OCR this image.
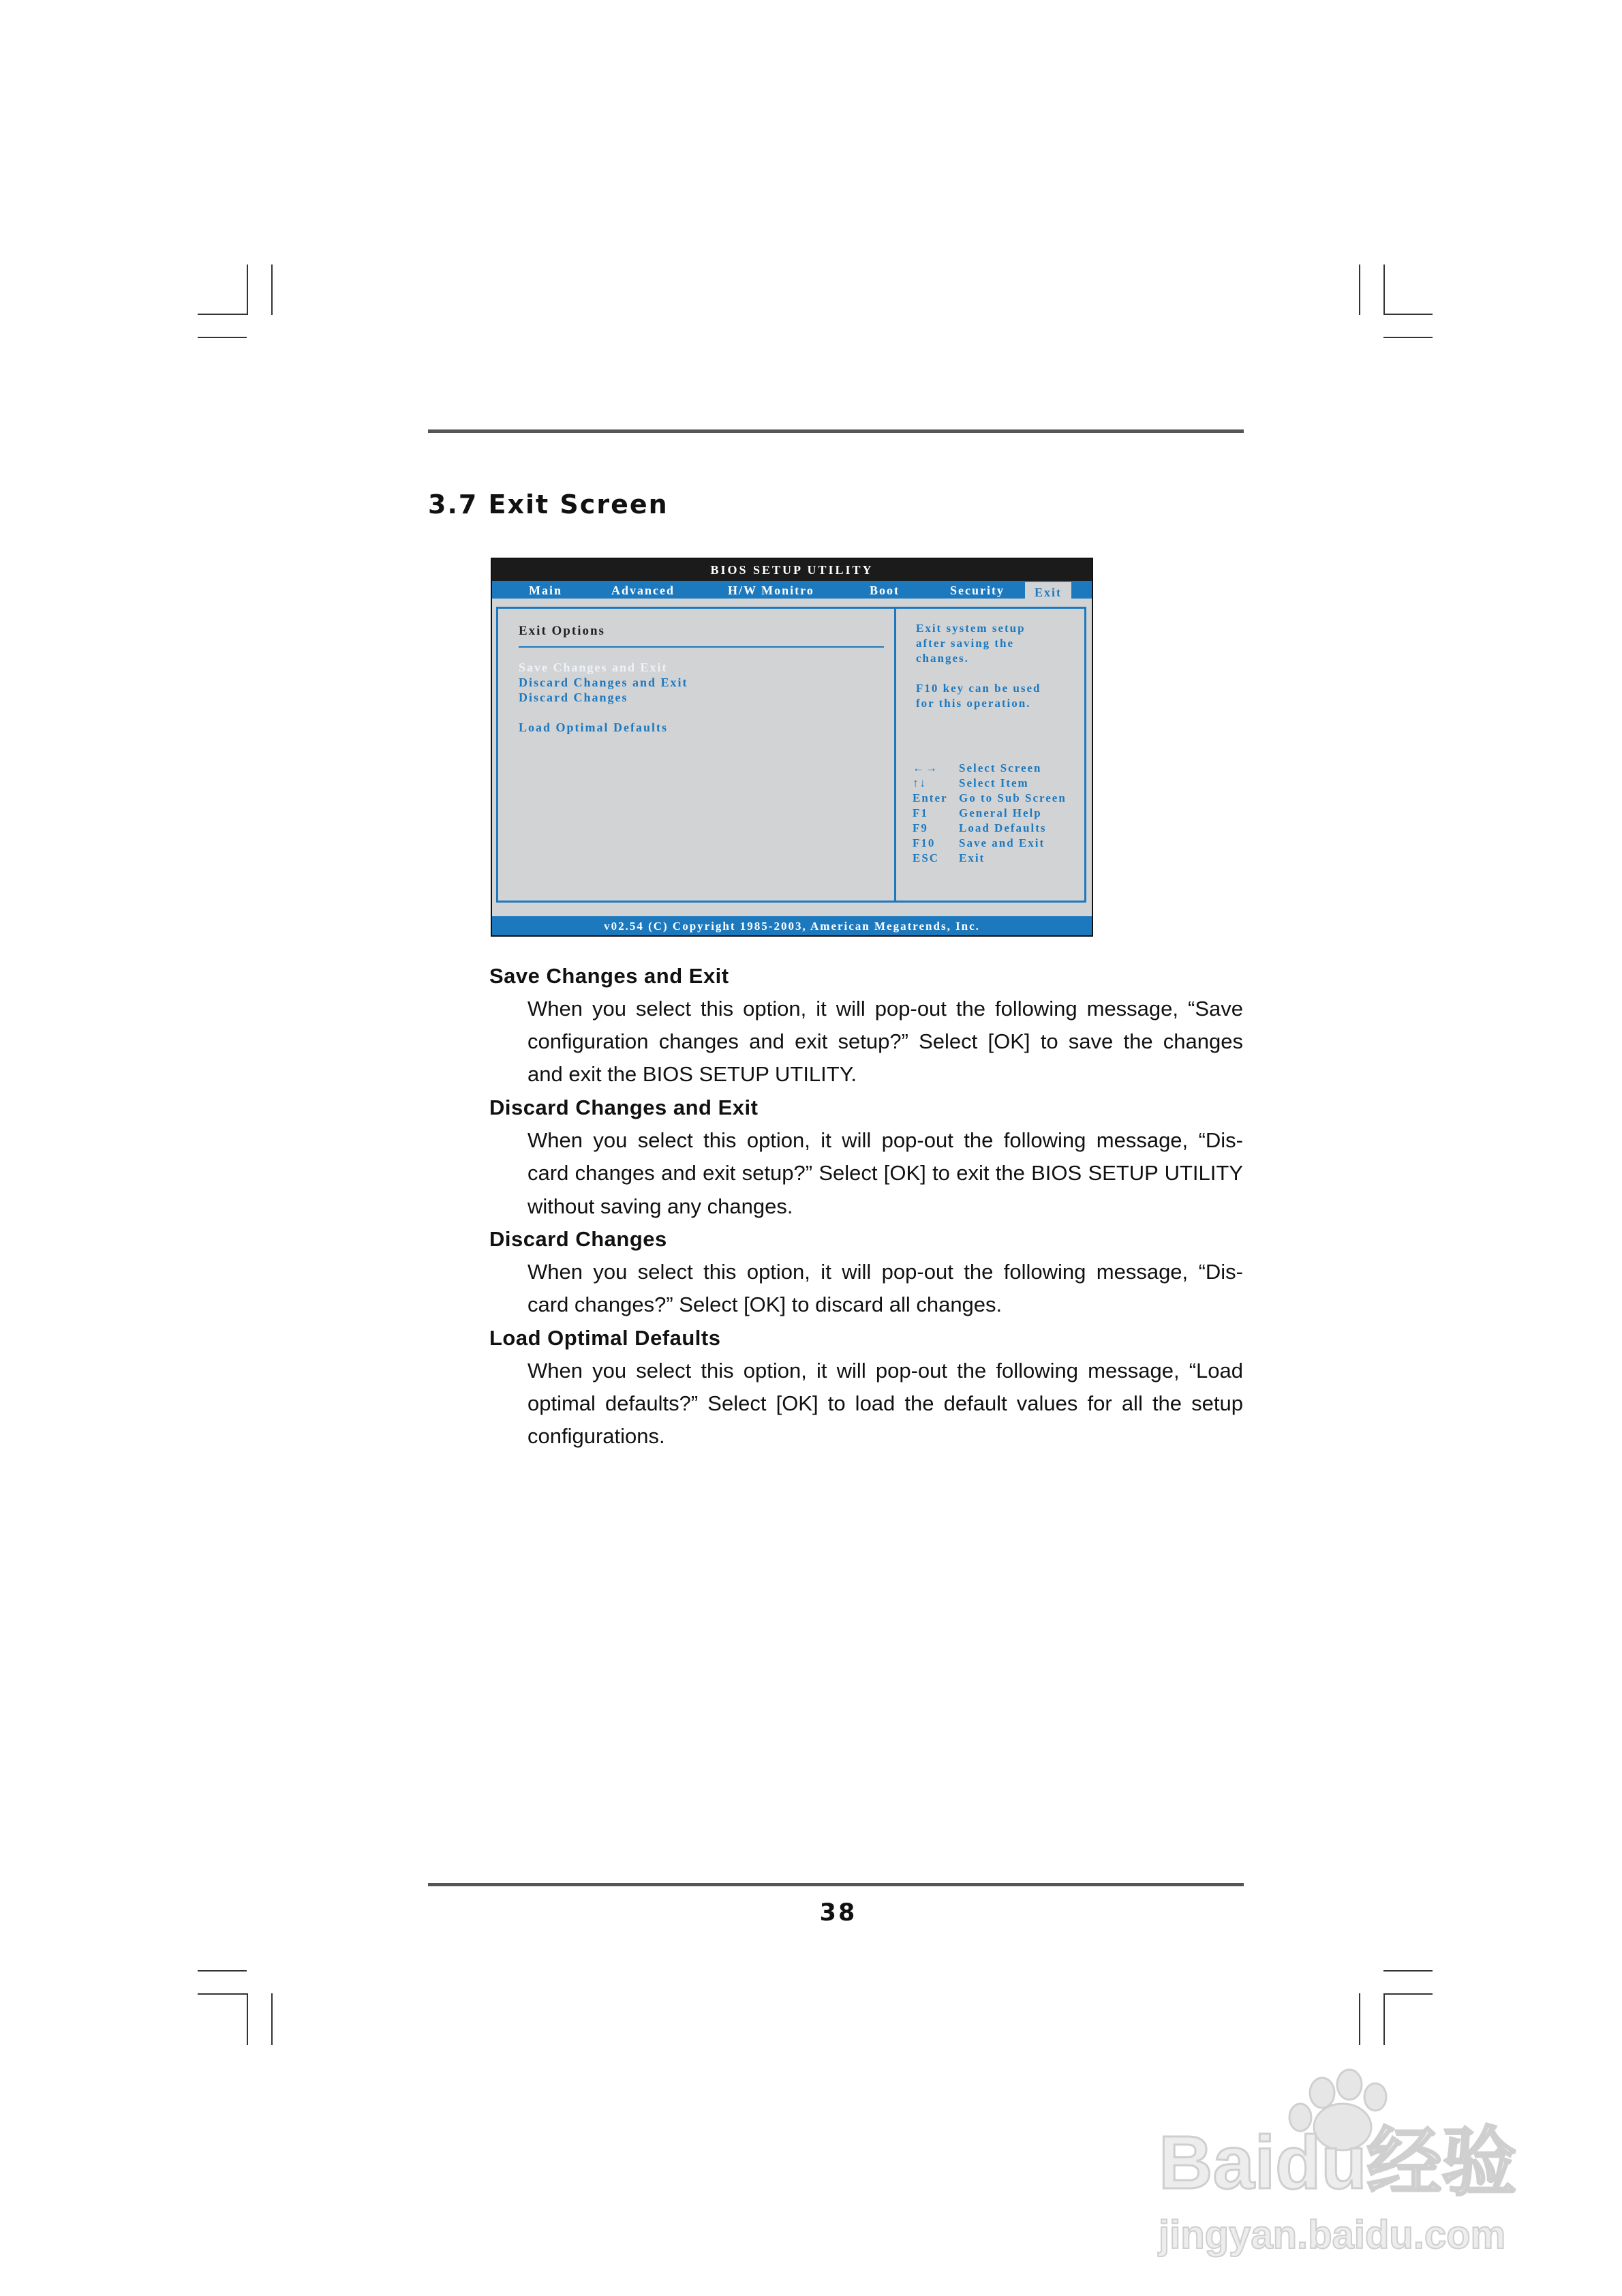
3.7 Exit Screen
BIOS SETUP UTILITY
Main	Advanced	H/W Monitro	Boot	Security	Exit
Exit Options
Save Changes and Exit
Discard Changes and Exit
Discard Changes
Load Optimal Defaults
Exit system setup
after saving the
changes.
F10 key can be used
for this operation.
←→ Select Screen
↑↓	Select Item
Enter Go to Sub Screen
F1	General Help
F9	Load Defaults
F10 Save and Exit
ESC Exit
v02.54 (C) Copyright 1985-2003, American Megatrends, Inc.
Save Changes and Exit

When you select this option, it will pop-out the following message, “Save

configuration changes and exit setup?” Select [OK] to save the changes

and exit the BIOS SETUP UTILITY.

Discard Changes and Exit

When you select this option, it will pop-out the following message, “Dis-

card changes and exit setup?” Select [OK] to exit the BIOS SETUP UTILITY

without saving any changes.

Discard Changes

When you select this option, it will pop-out the following message, “Dis-

card changes?” Select [OK] to discard all changes.

Load Optimal Defaults

When you select this option, it will pop-out the following message, “Load

optimal defaults?” Select [OK] to load the default values for all the setup

configurations.

38
Baidu经验
jingyan.baidu.com
